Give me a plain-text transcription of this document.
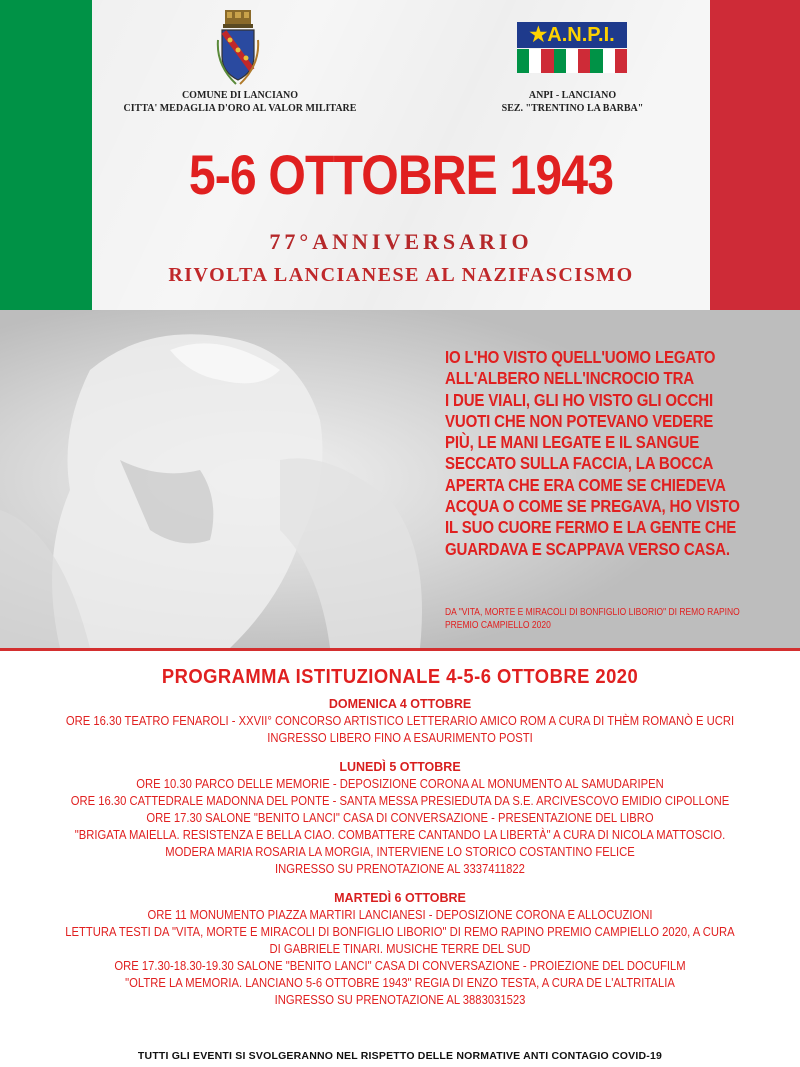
COMUNE DI LANCIANO
CITTA' MEDAGLIA D'ORO AL VALOR MILITARE
★A.N.P.I.
ANPI - LANCIANO
SEZ. "TRENTINO LA BARBA"
5-6 OTTOBRE 1943
77°ANNIVERSARIO
RIVOLTA LANCIANESE AL NAZIFASCISMO
IO L'HO VISTO QUELL'UOMO LEGATO
ALL'ALBERO NELL'INCROCIO TRA
I DUE VIALI, GLI HO VISTO GLI OCCHI
VUOTI CHE NON POTEVANO VEDERE
PIÙ, LE MANI LEGATE E IL SANGUE
SECCATO SULLA FACCIA, LA BOCCA
APERTA CHE ERA COME SE CHIEDEVA
ACQUA O COME SE PREGAVA, HO VISTO
IL SUO CUORE FERMO E LA GENTE CHE
GUARDAVA E SCAPPAVA VERSO CASA.
DA "VITA, MORTE E MIRACOLI DI BONFIGLIO LIBORIO" DI REMO RAPINO
PREMIO CAMPIELLO 2020
PROGRAMMA ISTITUZIONALE 4-5-6 OTTOBRE 2020
DOMENICA 4 OTTOBRE
ORE 16.30 TEATRO FENAROLI - XXVII° CONCORSO ARTISTICO LETTERARIO AMICO ROM A CURA DI THÈM ROMANÒ E UCRI
INGRESSO LIBERO FINO A ESAURIMENTO POSTI
LUNEDÌ 5 OTTOBRE
ORE 10.30 PARCO DELLE MEMORIE - DEPOSIZIONE CORONA AL MONUMENTO AL SAMUDARIPEN
ORE 16.30 CATTEDRALE MADONNA DEL PONTE - SANTA MESSA PRESIEDUTA DA S.E. ARCIVESCOVO EMIDIO CIPOLLONE
ORE 17.30 SALONE "BENITO LANCI" CASA DI CONVERSAZIONE - PRESENTAZIONE DEL LIBRO
"BRIGATA MAIELLA. RESISTENZA E BELLA CIAO. COMBATTERE CANTANDO LA LIBERTÀ" A CURA DI NICOLA MATTOSCIO.
MODERA MARIA ROSARIA LA MORGIA, INTERVIENE LO STORICO COSTANTINO FELICE
INGRESSO SU PRENOTAZIONE AL 3337411822
MARTEDÌ 6 OTTOBRE
ORE 11 MONUMENTO PIAZZA MARTIRI LANCIANESI - DEPOSIZIONE CORONA E ALLOCUZIONI
LETTURA TESTI DA "VITA, MORTE E MIRACOLI DI BONFIGLIO LIBORIO" DI REMO RAPINO PREMIO CAMPIELLO 2020, A CURA
DI GABRIELE TINARI. MUSICHE TERRE DEL SUD
ORE 17.30-18.30-19.30 SALONE "BENITO LANCI" CASA DI CONVERSAZIONE - PROIEZIONE DEL DOCUFILM
"OLTRE LA MEMORIA. LANCIANO 5-6 OTTOBRE 1943" REGIA DI ENZO TESTA, A CURA DE L'ALTRITALIA
INGRESSO SU PRENOTAZIONE AL 3883031523
TUTTI GLI EVENTI SI SVOLGERANNO NEL RISPETTO DELLE NORMATIVE ANTI CONTAGIO COVID-19
